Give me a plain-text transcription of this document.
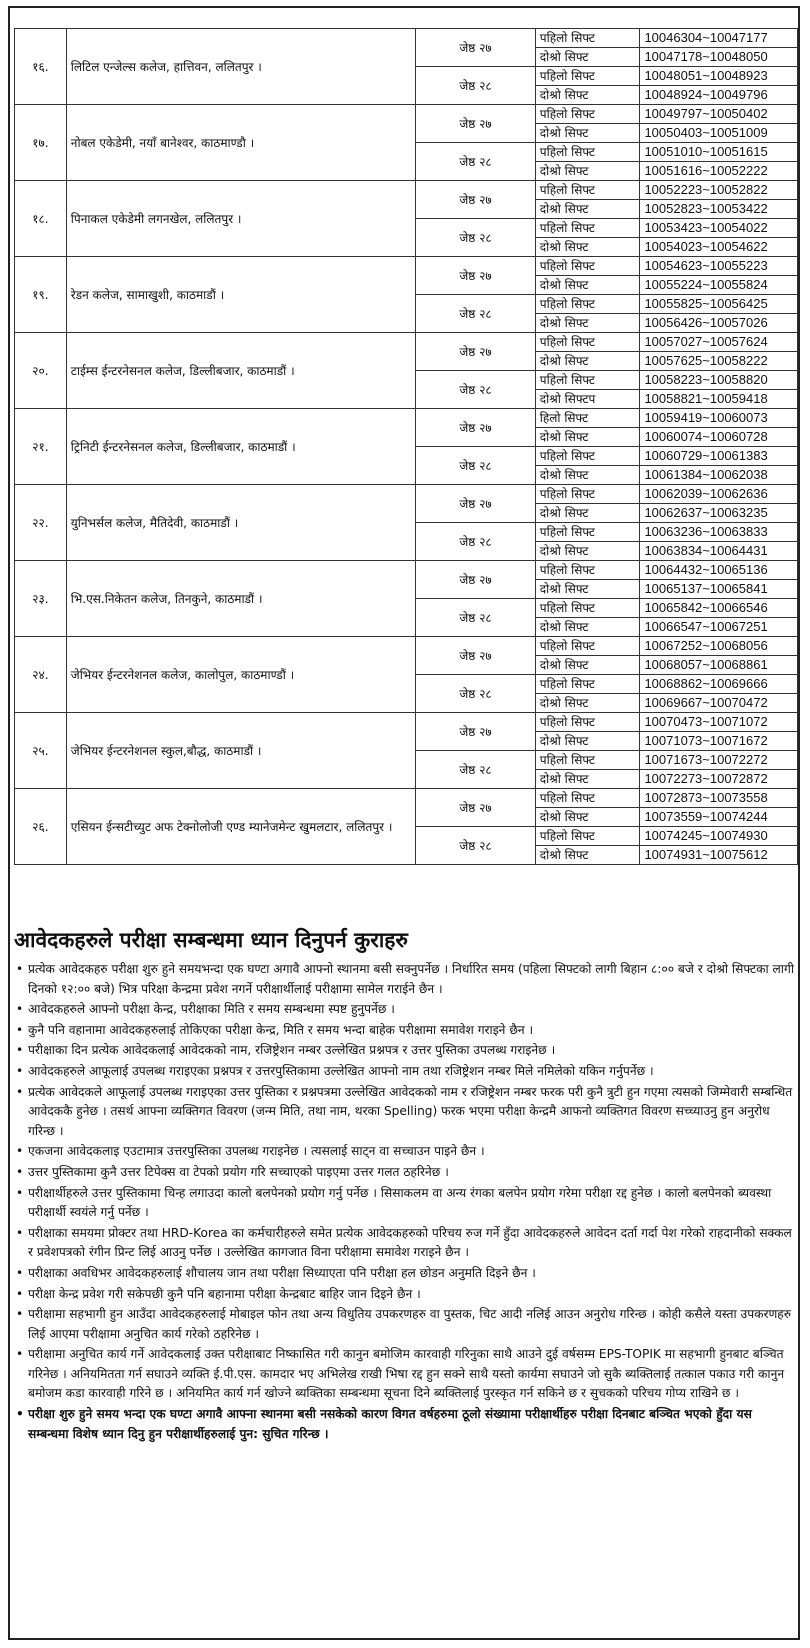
१६.	लिटिल एन्जेल्स कलेज, हात्तिवन, ललितपुर ।	जेष्ठ २७	पहिलो सिफ्ट	10046304~10047177
			दोश्रो सिफ्ट	10047178~10048050
		जेष्ठ २८	पहिलो सिफ्ट	10048051~10048923
			दोश्रो सिफ्ट	10048924~10049796
१७.	नोबल एकेडेमी, नयाँ बानेश्वर, काठमाण्डौ ।	जेष्ठ २७	पहिलो सिफ्ट	10049797~10050402
			दोश्रो सिफ्ट	10050403~10051009
		जेष्ठ २८	पहिलो सिफ्ट	10051010~10051615
			दोश्रो सिफ्ट	10051616~10052222
१८.	पिनाकल एकेडेमी लगनखेल, ललितपुर ।	जेष्ठ २७	पहिलो सिफ्ट	10052223~10052822
			दोश्रो सिफ्ट	10052823~10053422
		जेष्ठ २८	पहिलो सिफ्ट	10053423~10054022
			दोश्रो सिफ्ट	10054023~10054622
१९.	रेडन कलेज, सामाखुशी, काठमाडौं ।	जेष्ठ २७	पहिलो सिफ्ट	10054623~10055223
			दोश्रो सिफ्ट	10055224~10055824
		जेष्ठ २८	पहिलो सिफ्ट	10055825~10056425
			दोश्रो सिफ्ट	10056426~10057026
२०.	टाईम्स ईन्टरनेसनल कलेज, डिल्लीबजार, काठमाडौं ।	जेष्ठ २७	पहिलो सिफ्ट	10057027~10057624
			दोश्रो सिफ्ट	10057625~10058222
		जेष्ठ २८	पहिलो सिफ्ट	10058223~10058820
			दोश्रो सिफ्टप	10058821~10059418
२१.	ट्रिनिटी ईन्टरनेसनल कलेज, डिल्लीबजार, काठमाडौं ।	जेष्ठ २७	हिलो सिफ्ट	10059419~10060073
			दोश्रो सिफ्ट	10060074~10060728
		जेष्ठ २८	पहिलो सिफ्ट	10060729~10061383
			दोश्रो सिफ्ट	10061384~10062038
२२.	युनिभर्सल कलेज, मैतिदेवी, काठमाडौं ।	जेष्ठ २७	पहिलो सिफ्ट	10062039~10062636
			दोश्रो सिफ्ट	10062637~10063235
		जेष्ठ २८	पहिलो सिफ्ट	10063236~10063833
			दोश्रो सिफ्ट	10063834~10064431
२३.	भि.एस.निकेतन कलेज, तिनकुने, काठमाडौं ।	जेष्ठ २७	पहिलो सिफ्ट	10064432~10065136
			दोश्रो सिफ्ट	10065137~10065841
		जेष्ठ २८	पहिलो सिफ्ट	10065842~10066546
			दोश्रो सिफ्ट	10066547~10067251
२४.	जेभियर ईन्टरनेशनल कलेज, कालोपुल, काठमाण्डौं ।	जेष्ठ २७	पहिलो सिफ्ट	10067252~10068056
			दोश्रो सिफ्ट	10068057~10068861
		जेष्ठ २८	पहिलो सिफ्ट	10068862~10069666
			दोश्रो सिफ्ट	10069667~10070472
२५.	जेभियर ईन्टरनेशनल स्कुल,बौद्ध, काठमाडौं ।	जेष्ठ २७	पहिलो सिफ्ट	10070473~10071072
			दोश्रो सिफ्ट	10071073~10071672
		जेष्ठ २८	पहिलो सिफ्ट	10071673~10072272
			दोश्रो सिफ्ट	10072273~10072872
२६.	एसियन ईन्सटीच्युट अफ टेक्नोलोजी एण्ड म्यानेजमेन्ट खुमलटार, ललितपुर ।	जेष्ठ २७	पहिलो सिफ्ट	10072873~10073558
			दोश्रो सिफ्ट	10073559~10074244
		जेष्ठ २८	पहिलो सिफ्ट	10074245~10074930
			दोश्रो सिफ्ट	10074931~10075612
आवेदकहरुले परीक्षा सम्बन्धमा ध्यान दिनुपर्न कुराहरु
• प्रत्येक आवेदकहरु परीक्षा शुरु हुने समयभन्दा एक घण्टा अगावै आफ्नो स्थानमा बसी सक्नुपर्नेछ । निर्धारित समय (पहिला सिफ्टको लागी बिहान ८:०० बजे र दोश्रो सिफ्टका लागी दिनको १२:०० बजे) भित्र परिक्षा केन्द्रमा प्रवेश नगर्ने परीक्षार्थीलाई परीक्षामा सामेल गराईने छैन ।
• आवेदकहरुले आफ्नो परीक्षा केन्द्र, परीक्षाका मिति र समय सम्बन्धमा स्पष्ट हुनुपर्नेछ ।
• कुनै पनि वहानामा आवेदकहरुलाई तोकिएका परीक्षा केन्द्र, मिति र समय भन्दा बाहेक परीक्षामा समावेश गराइने छैन ।
• परीक्षाका दिन प्रत्येक आवेदकलाई आवेदकको नाम, रजिष्ट्रेशन नम्बर उल्लेखित प्रश्नपत्र र उत्तर पुस्तिका उपलब्ध गराइनेछ ।
• आवेदकहरुले आफूलाई उपलब्ध गराइएका प्रश्नपत्र र उत्तरपुस्तिकामा उल्लेखित आफ्नो नाम तथा रजिष्ट्रेशन नम्बर मिले नमिलेको यकिन गर्नुपर्नेछ ।
• प्रत्येक आवेदकले आफूलाई उपलब्ध गराइएका उत्तर पुस्तिका र प्रश्नपत्रमा उल्लेखित आवेदकको नाम र रजिष्ट्रेशन नम्बर फरक परी कुनै त्रुटी हुन गएमा त्यसको जिम्मेवारी सम्बन्धित आवेदककै हुनेछ । तसर्थ आफ्ना व्यक्तिगत विवरण (जन्म मिति, तथा नाम, थरका Spelling) फरक भएमा परीक्षा केन्द्रमै आफनो व्यक्तिगत विवरण सच्च्याउनु हुन अनुरोध गरिन्छ ।
• एकजना आवेदकलाइ एउटामात्र उत्तरपुस्तिका उपलब्ध गराइनेछ । त्यसलाई साट्न वा सच्चाउन पाइने छैन ।
• उत्तर पुस्तिकामा कुनै उत्तर टिपेक्स वा टेपको प्रयोग गरि सच्चाएको पाइएमा उत्तर गलत ठहरिनेछ ।
• परीक्षार्थीहरुले उत्तर पुस्तिकामा चिन्ह लगाउदा कालो बलपेनको प्रयोग गर्नु पर्नेछ । सिसाकलम वा अन्य रंगका बलपेन प्रयोग गरेमा परीक्षा रद्द हुनेछ । कालो बलपेनको ब्यवस्था परीक्षार्थी स्वयंले गर्नु पर्नेछ ।
• परीक्षाका समयमा प्रोक्टर तथा HRD-Korea का कर्मचारीहरुले समेत प्रत्येक आवेदकहरुको परिचय रुज गर्ने हुँदा आवेदकहरुले आवेदन दर्ता गर्दा पेश गरेको राहदानीको सक्कल र प्रवेशपत्रको रंगीन प्रिन्ट लिई आउनु पर्नेछ । उल्लेखित कागजात विना परीक्षामा समावेश गराइने छैन ।
• परीक्षाका अवधिभर आवेदकहरुलाई शौचालय जान तथा परीक्षा सिध्याएता पनि परीक्षा हल छोडन अनुमति दिइने छैन ।
• परीक्षा केन्द्र प्रवेश गरी सकेपछी कुनै पनि बहानामा परीक्षा केन्द्रबाट बाहिर जान दिइने छैन ।
• परीक्षामा सहभागी हुन आउँदा आवेदकहरुलाई मोबाइल फोन तथा अन्य विधुतिय उपकरणहरु वा पुस्तक, चिट आदी नलिई आउन अनुरोध गरिन्छ । कोही कसैले यस्ता उपकरणहरु लिई आएमा परीक्षामा अनुचित कार्य गरेको ठहरिनेछ ।
• परीक्षामा अनुचित कार्य गर्ने आवेदकलाई उक्त परीक्षाबाट निष्कासित गरी कानुन बमोजिम कारवाही गरिनुका साथै आउने दुई वर्षसम्म EPS-TOPIK मा सहभागी हुनबाट बञ्चित गरिनेछ । अनियमितता गर्न सघाउने व्यक्ति ई.पी.एस. कामदार भए अभिलेख राखी भिषा रद्द हुन सक्ने साथै यस्तो कार्यमा सघाउने जो सुकै ब्यक्तिलाई तत्काल पकाउ गरी कानुन बमोजम कडा कारवाही गरिने छ । अनियमित कार्य गर्न खोज्ने ब्यक्तिका सम्बन्धमा सूचना दिने ब्यक्तिलाई पुरस्कृत गर्न सकिने छ र सुचकको परिचय गोप्य राखिने छ ।
• परीक्षा शुरु हुने समय भन्दा एक घण्टा अगावै आफ्ना स्थानमा बसी नसकेको कारण विगत वर्षहरुमा ठूलो संख्यामा परीक्षार्थीहरु परीक्षा दिनबाट बञ्चित भएको हुँदा यस सम्बन्धमा विशेष ध्यान दिनु हुन परीक्षार्थीहरुलाई पुन: सुचित गरिन्छ ।
